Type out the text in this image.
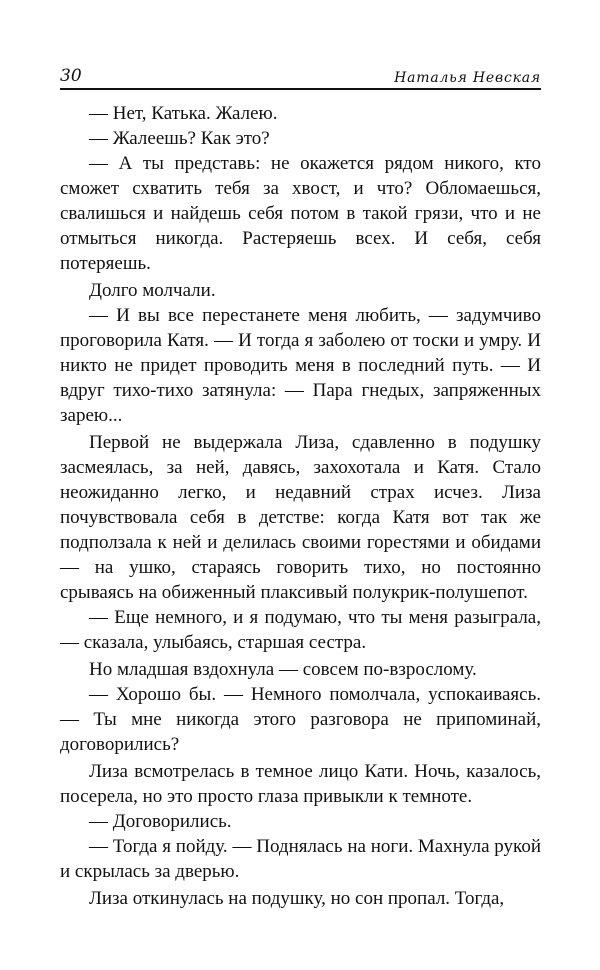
30	Наталья Невская

— Нет, Катька. Жалею.

— Жалеешь? Как это?

— А ты представь: не окажется рядом никого, кто сможет схватить тебя за хвост, и что? Обломаешься, свалишься и найдешь себя потом в такой грязи, что и не отмыться никогда. Растеряешь всех. И себя, себя потеряешь.

Долго молчали.

— И вы все перестанете меня любить, — задумчиво проговорила Катя. — И тогда я заболею от тоски и умру. И никто не придет проводить меня в последний путь. — И вдруг тихо-тихо затянула: — Пара гнедых, запряженных зарею...

Первой не выдержала Лиза, сдавленно в подушку засмеялась, за ней, давясь, захохотала и Катя. Стало неожиданно легко, и недавний страх исчез. Лиза почувствовала себя в детстве: когда Катя вот так же подползала к ней и делилась своими горестями и обидами — на ушко, стараясь говорить тихо, но постоянно срываясь на обиженный плаксивый полукрик-полушепот.

— Еще немного, и я подумаю, что ты меня разыграла, — сказала, улыбаясь, старшая сестра.

Но младшая вздохнула — совсем по-взрослому.

— Хорошо бы. — Немного помолчала, успокаиваясь. — Ты мне никогда этого разговора не припоминай, договорились?

Лиза всмотрелась в темное лицо Кати. Ночь, казалось, посерела, но это просто глаза привыкли к темноте.

— Договорились.

— Тогда я пойду. — Поднялась на ноги. Махнула рукой и скрылась за дверью.

Лиза откинулась на подушку, но сон пропал. Тогда,
